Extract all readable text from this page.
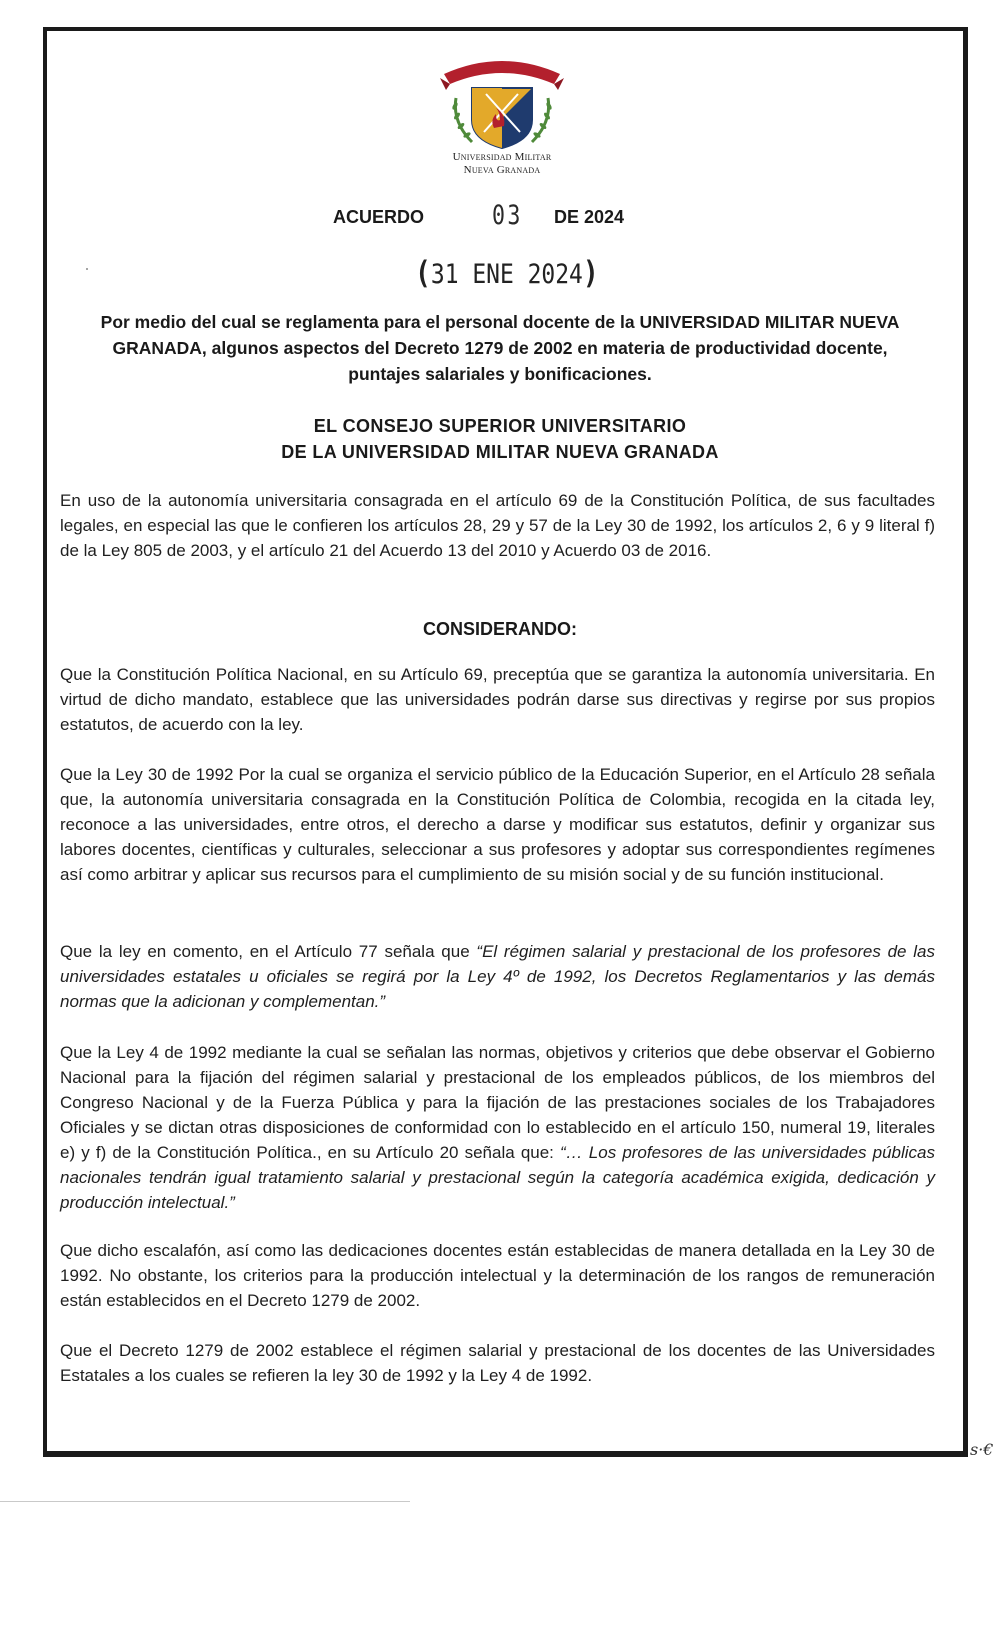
Universidad Militar
Nueva Granada
ACUERDO	03 DE 2024
(31 ENE 2024)
Por medio del cual se reglamenta para el personal docente de la UNIVERSIDAD MILITAR NUEVA GRANADA, algunos aspectos del Decreto 1279 de 2002 en materia de productividad docente, puntajes salariales y bonificaciones.
EL CONSEJO SUPERIOR UNIVERSITARIO
DE LA UNIVERSIDAD MILITAR NUEVA GRANADA
En uso de la autonomía universitaria consagrada en el artículo 69 de la Constitución Política, de sus facultades legales, en especial las que le confieren los artículos 28, 29 y 57 de la Ley 30 de 1992, los artículos 2, 6 y 9 literal f) de la Ley 805 de 2003, y el artículo 21 del Acuerdo 13 del 2010 y Acuerdo 03 de 2016.
CONSIDERANDO:
Que la Constitución Política Nacional, en su Artículo 69, preceptúa que se garantiza la autonomía universitaria. En virtud de dicho mandato, establece que las universidades podrán darse sus directivas y regirse por sus propios estatutos, de acuerdo con la ley.
Que la Ley 30 de 1992 Por la cual se organiza el servicio público de la Educación Superior, en el Artículo 28 señala que, la autonomía universitaria consagrada en la Constitución Política de Colombia, recogida en la citada ley, reconoce a las universidades, entre otros, el derecho a darse y modificar sus estatutos, definir y organizar sus labores docentes, científicas y culturales, seleccionar a sus profesores y adoptar sus correspondientes regímenes así como arbitrar y aplicar sus recursos para el cumplimiento de su misión social y de su función institucional.
Que la ley en comento, en el Artículo 77 señala que “El régimen salarial y prestacional de los profesores de las universidades estatales u oficiales se regirá por la Ley 4º de 1992, los Decretos Reglamentarios y las demás normas que la adicionan y complementan.”
Que la Ley 4 de 1992 mediante la cual se señalan las normas, objetivos y criterios que debe observar el Gobierno Nacional para la fijación del régimen salarial y prestacional de los empleados públicos, de los miembros del Congreso Nacional y de la Fuerza Pública y para la fijación de las prestaciones sociales de los Trabajadores Oficiales y se dictan otras disposiciones de conformidad con lo establecido en el artículo 150, numeral 19, literales e) y f) de la Constitución Política., en su Artículo 20 señala que: “… Los profesores de las universidades públicas nacionales tendrán igual tratamiento salarial y prestacional según la categoría académica exigida, dedicación y producción intelectual.”
Que dicho escalafón, así como las dedicaciones docentes están establecidas de manera detallada en la Ley 30 de 1992. No obstante, los criterios para la producción intelectual y la determinación de los rangos de remuneración están establecidos en el Decreto 1279 de 2002.
Que el Decreto 1279 de 2002 establece el régimen salarial y prestacional de los docentes de las Universidades Estatales a los cuales se refieren la ley 30 de 1992 y la Ley 4 de 1992.
s·€
